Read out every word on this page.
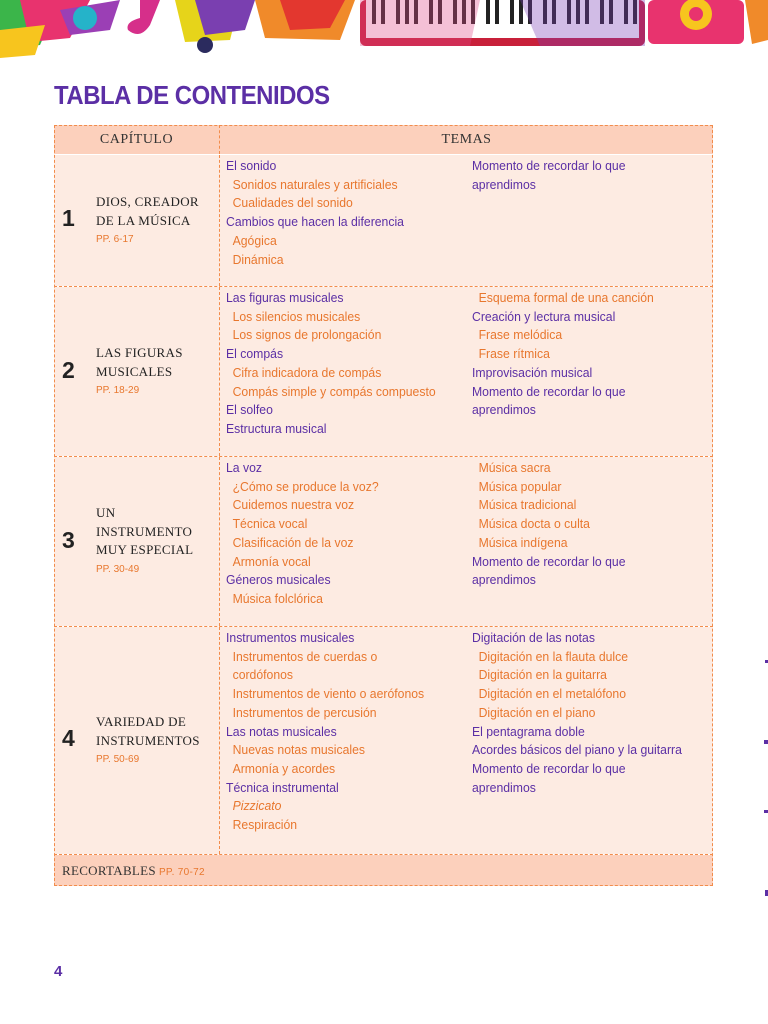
TABLA DE CONTENIDOS
CAPÍTULO	TEMAS
1
DIOS, CREADOR DE LA MÚSICA
PP. 6-17
El sonido
Sonidos naturales y artificiales
Cualidades del sonido
Cambios que hacen la diferencia
Agógica
Dinámica
Momento de recordar lo que
aprendimos
2
LAS FIGURAS MUSICALES
PP. 18-29
Las figuras musicales
Los silencios musicales
Los signos de prolongación
El compás
Cifra indicadora de compás
Compás simple y compás compuesto
El solfeo
Estructura musical
Esquema formal de una canción
Creación y lectura musical
Frase melódica
Frase rítmica
Improvisación musical
Momento de recordar lo que
aprendimos
3
UN INSTRUMENTO MUY ESPECIAL
PP. 30-49
La voz
¿Cómo se produce la voz?
Cuidemos nuestra voz
Técnica vocal
Clasificación de la voz
Armonía vocal
Géneros musicales
Música folclórica
Música sacra
Música popular
Música tradicional
Música docta o culta
Música indígena
Momento de recordar lo que
aprendimos
4
VARIEDAD DE INSTRUMENTOS
PP. 50-69
Instrumentos musicales
Instrumentos de cuerdas o
cordófonos
Instrumentos de viento o aerófonos
Instrumentos de percusión
Las notas musicales
Nuevas notas musicales
Armonía y acordes
Técnica instrumental
Pizzicato
Respiración
Digitación de las notas
Digitación en la flauta dulce
Digitación en la guitarra
Digitación en el metalófono
Digitación en el piano
El pentagrama doble
Acordes básicos del piano y la guitarra
Momento de recordar lo que
aprendimos
RECORTABLES PP. 70-72
4
